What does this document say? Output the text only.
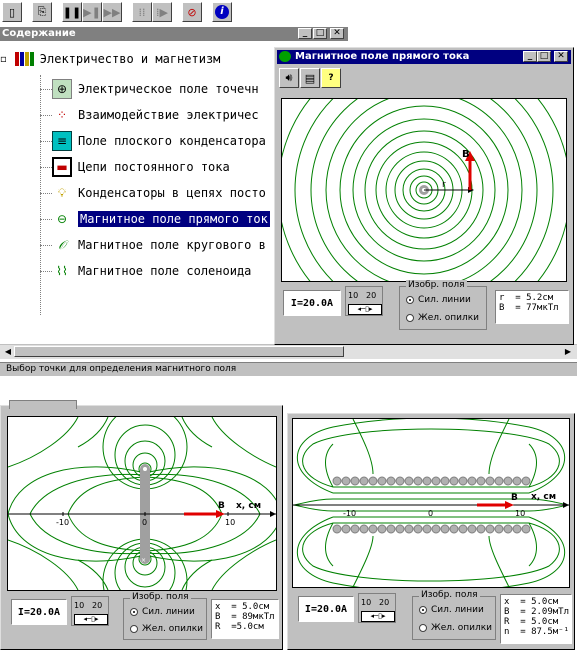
▯	⎘	❚❚ ▶❚ ▶▶	⁞⁞ ⁞▶	⊘	i
Содержание	_ □ ✕
▫	Электричество и магнетизм
⊕ Электрическое поле точечн
⁘ Взаимодействие электричес
≡ Поле плоского конденсатора
▬ Цепи постоянного тока
💡︎ Конденсаторы в цепях посто
⊖	Магнитное поле прямого ток
𝒪	Магнитное поле кругового в
⌇⌇ Магнитное поле соленоида
◀	▶
Выбор точки для определения магнитного поля
Магнитное поле прямого тока	_ □ ✕
🔊︎	▤	?
B
r
I=20.0A
10 20
◂─▯▸
Изобр. поля
Сил. линии
Жел. опилки
r  = 5.2см
B  = 77мкТл
×
-10	0	10
x, см
B
I=20.0A
10 20
◂─▯▸
Изобр. поля
Сил. линии
Жел. опилки
x  = 5.0см
B  = 89мкТл
R  =5.0см
-10	0	10
x, см
B
I=20.0A
10 20
◂─▯▸
Изобр. поля
Сил. линии
Жел. опилки
x  = 5.0см
B  = 2.09мТл
R  = 5.0см
n  = 87.5м⁻¹
